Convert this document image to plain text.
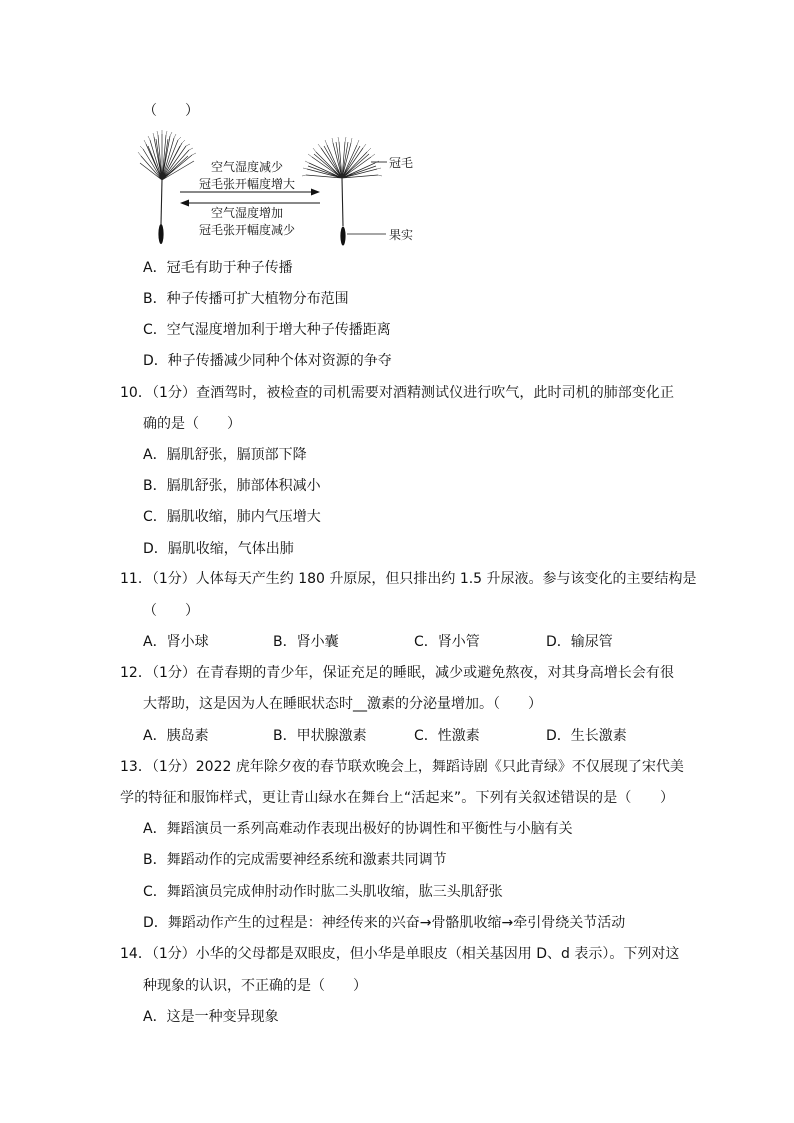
（　　）
空气湿度减少
冠毛张开幅度增大
空气湿度增加
冠毛张开幅度减少
冠毛
果实
A．冠毛有助于种子传播
B．种子传播可扩大植物分布范围
C．空气湿度增加利于增大种子传播距离
D．种子传播减少同种个体对资源的争夺
10．（1分）查酒驾时，被检查的司机需要对酒精测试仪进行吹气，此时司机的肺部变化正
确的是（　　）
A．膈肌舒张，膈顶部下降
B．膈肌舒张，肺部体积减小
C．膈肌收缩，肺内气压增大
D．膈肌收缩，气体出肺
11．（1分）人体每天产生约 180 升原尿，但只排出约 1.5 升尿液。参与该变化的主要结构是
（　　）
A．肾小球	B．肾小囊	C．肾小管	D．输尿管
12．（1分）在青春期的青少年，保证充足的睡眠，减少或避免熬夜，对其身高增长会有很
大帮助，这是因为人在睡眠状态时__激素的分泌量增加。（　　）
A．胰岛素	B．甲状腺激素	C．性激素	D．生长激素
13．（1分）2022 虎年除夕夜的春节联欢晚会上，舞蹈诗剧《只此青绿》不仅展现了宋代美
学的特征和服饰样式，更让青山绿水在舞台上“活起来”。下列有关叙述错误的是（　　）
A．舞蹈演员一系列高难动作表现出极好的协调性和平衡性与小脑有关
B．舞蹈动作的完成需要神经系统和激素共同调节
C．舞蹈演员完成伸肘动作时肱二头肌收缩，肱三头肌舒张
D．舞蹈动作产生的过程是：神经传来的兴奋→骨骼肌收缩→牵引骨绕关节活动
14．（1分）小华的父母都是双眼皮，但小华是单眼皮（相关基因用 D、d 表示）。下列对这
种现象的认识，不正确的是（　　）
A．这是一种变异现象
